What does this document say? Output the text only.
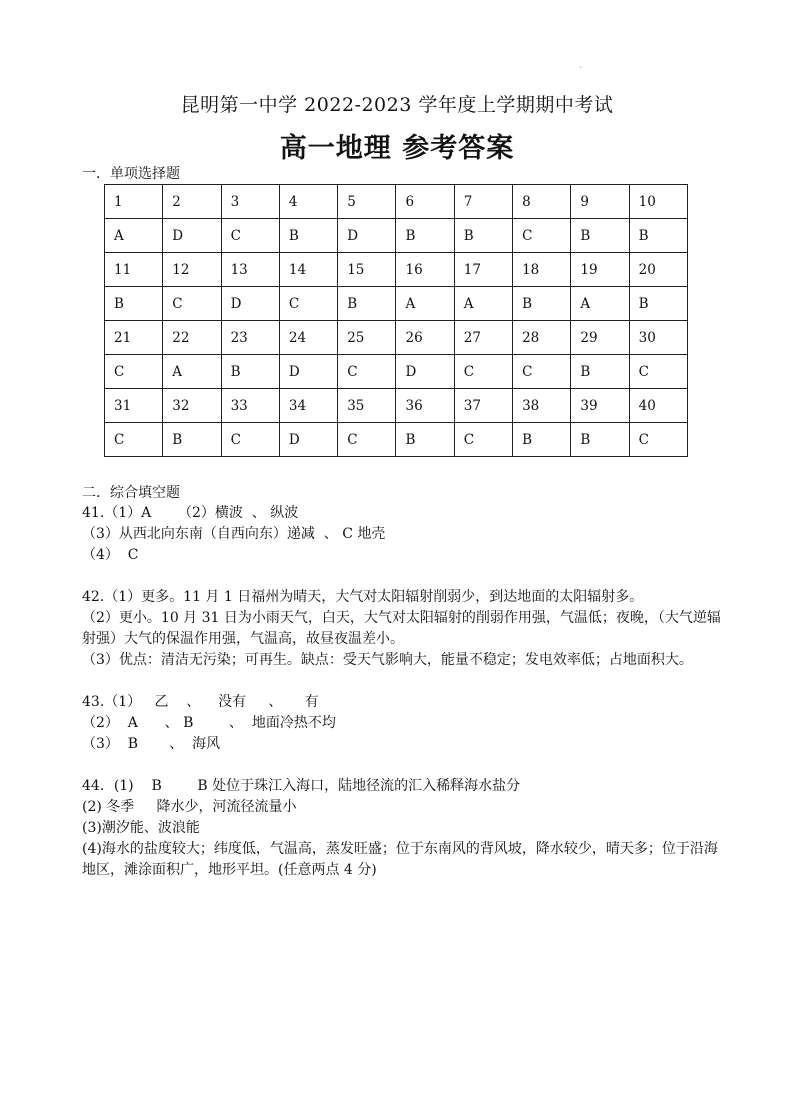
`
昆明第一中学 2022-2023 学年度上学期期中考试
高一地理 参考答案
一．单项选择题
1	2	3	4	5	6	7	8	9	10
A	D	C	B	D	B	B	C	B	B
11	12	13	14	15	16	17	18	19	20
B	C	D	C	B	A	A	B	A	B
21	22	23	24	25	26	27	28	29	30
C	A	B	D	C	D	C	C	B	C
31	32	33	34	35	36	37	38	39	40
C	B	C	D	C	B	C	B	B	C
二．综合填空题

41.（1）A      （2）横波  、 纵波

（3）从西北向东南（自西向东）递减  、 C 地壳

（4）  C

42.（1）更多。11 月 1 日福州为晴天，大气对太阳辐射削弱少，到达地面的太阳辐射多。

（2）更小。10 月 31 日为小雨天气，白天，大气对太阳辐射的削弱作用强，气温低；夜晚，（大气逆辐射强）大气的保温作用强，气温高，故昼夜温差小。

（3）优点：清洁无污染；可再生。缺点：受天气影响大，能量不稳定；发电效率低；占地面积大。

43.（1）   乙    、    没有     、     有

（2）  A      、 B        、  地面冷热不均

（3）  B       、  海风

44．(1)    B        B 处位于珠江入海口，陆地径流的汇入稀释海水盐分

(2) 冬季     降水少，河流径流量小

(3)潮汐能、波浪能

(4)海水的盐度较大；纬度低，气温高，蒸发旺盛；位于东南风的背风坡，降水较少，晴天多；位于沿海地区，滩涂面积广，地形平坦。(任意两点 4 分)
